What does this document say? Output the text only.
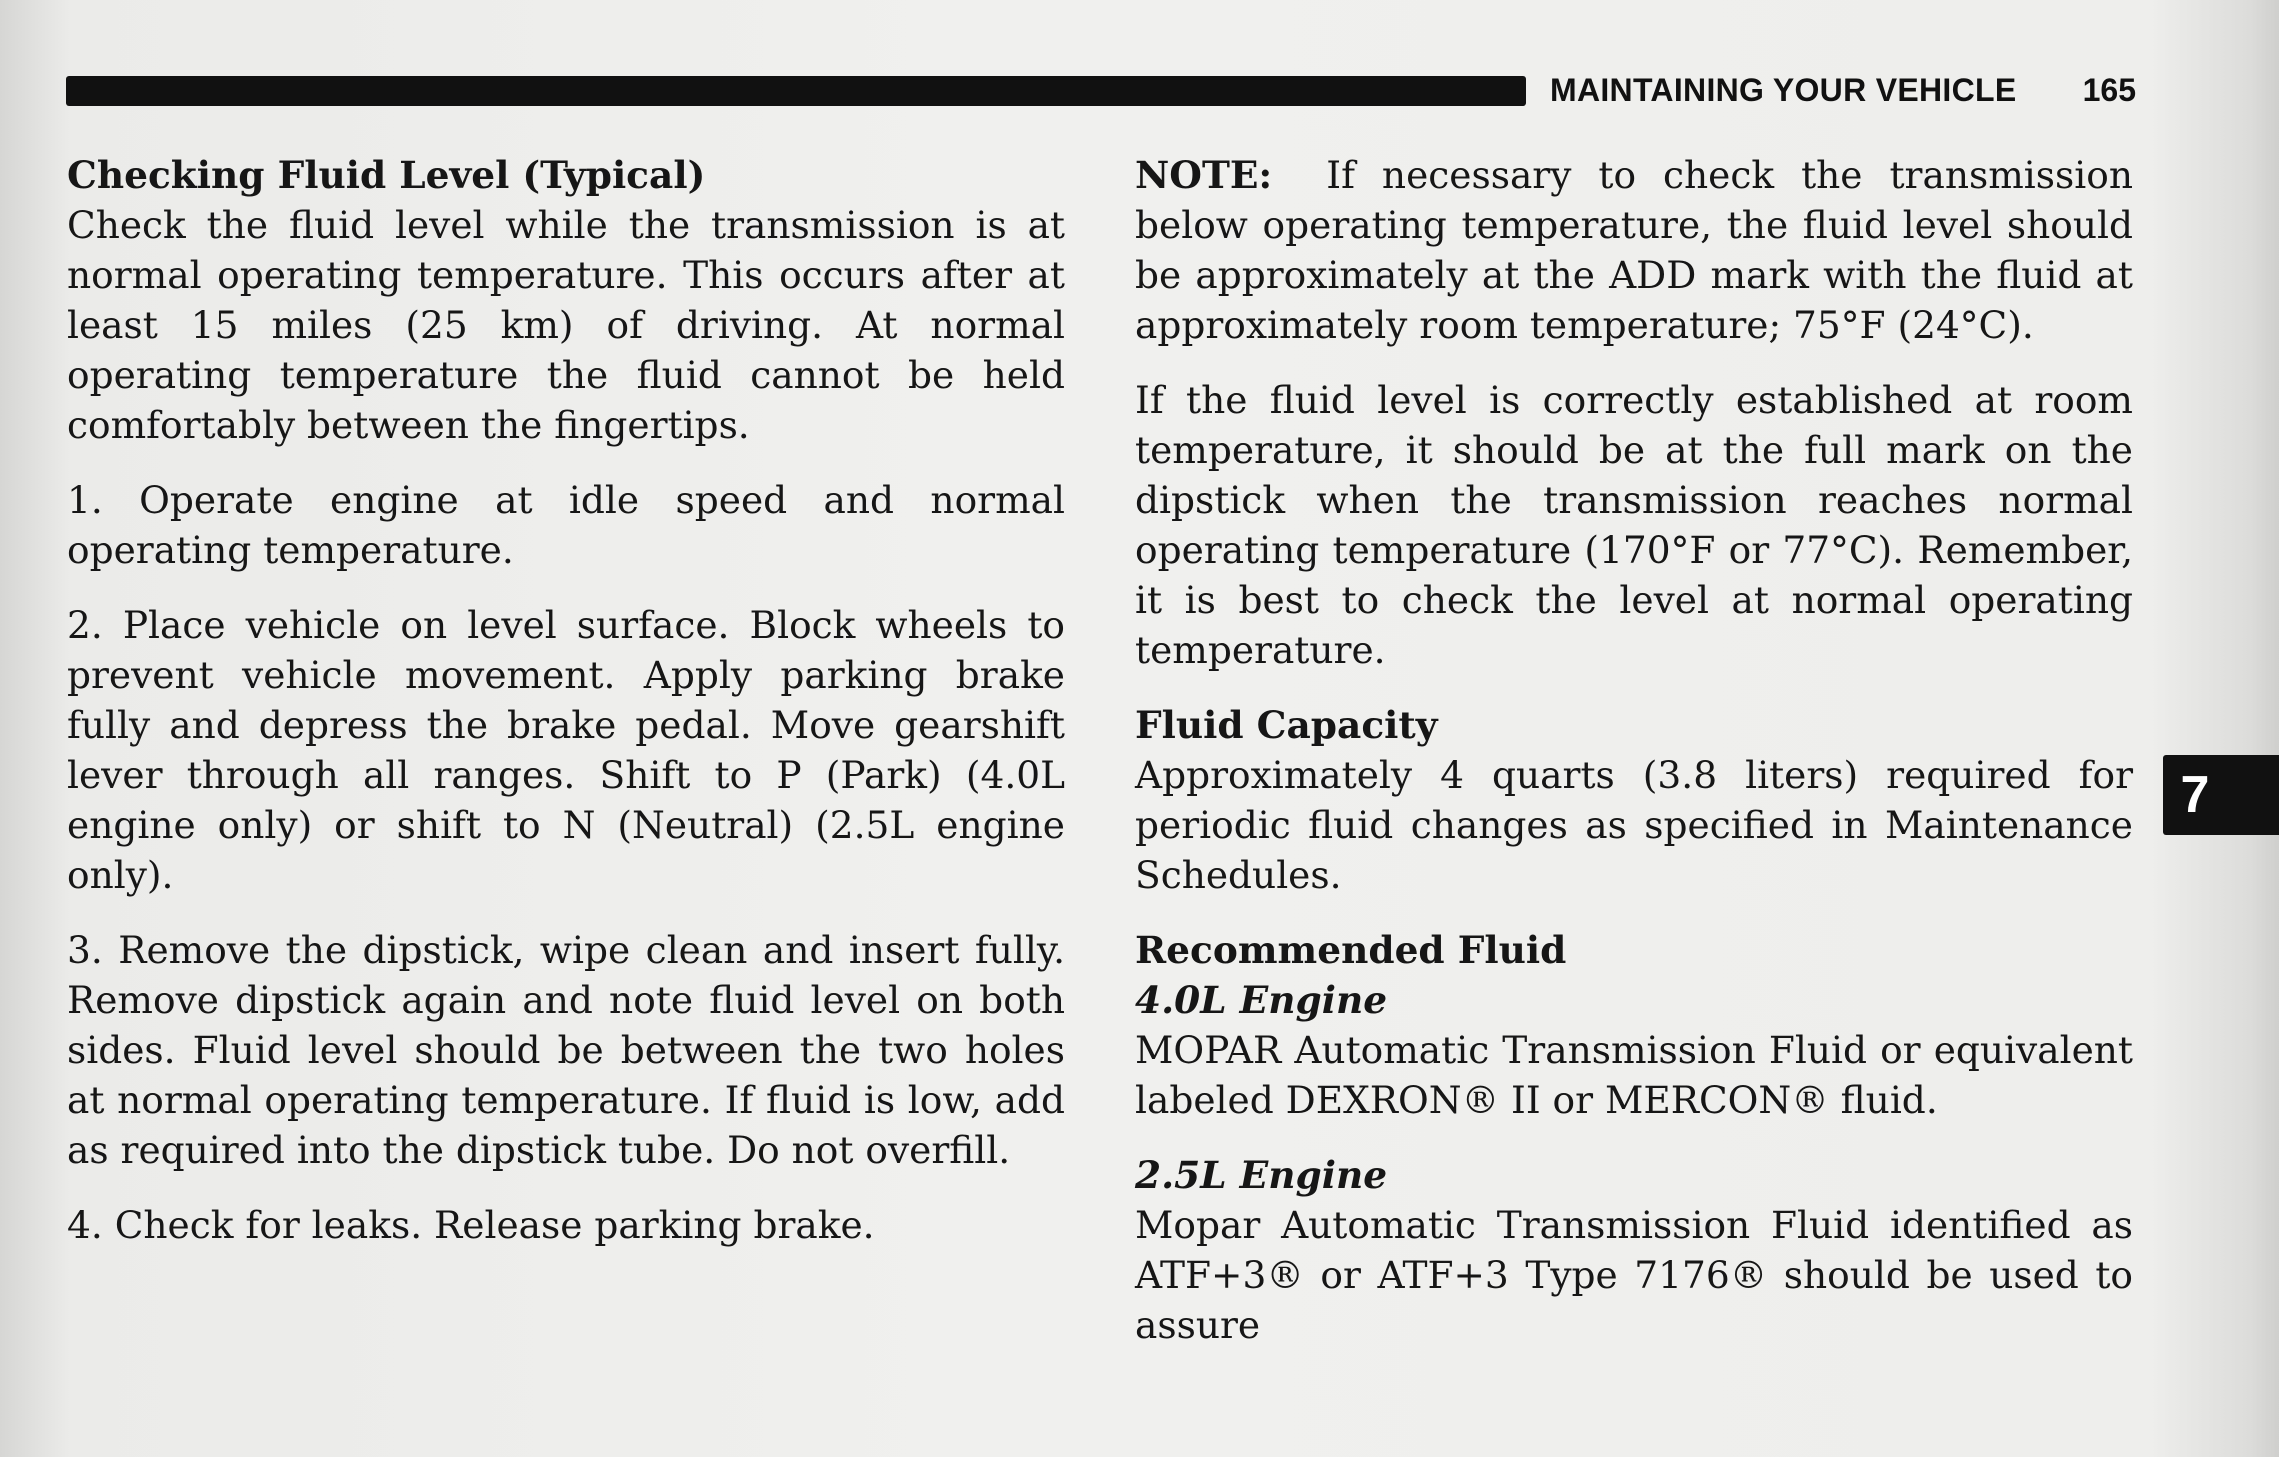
MAINTAINING YOUR VEHICLE 165
Checking Fluid Level (Typical)

Check the fluid level while the transmission is at normal operating temperature. This occurs after at least 15 miles (25 km) of driving. At normal operating temperature the fluid cannot be held comfortably between the fingertips.

1. Operate engine at idle speed and normal operating temperature.

2. Place vehicle on level surface. Block wheels to prevent vehicle movement. Apply parking brake fully and depress the brake pedal. Move gearshift lever through all ranges. Shift to P (Park) (4.0L engine only) or shift to N (Neutral) (2.5L engine only).

3. Remove the dipstick, wipe clean and insert fully. Remove dipstick again and note fluid level on both sides. Fluid level should be between the two holes at normal operating temperature. If fluid is low, add as required into the dipstick tube. Do not overfill.

4. Check for leaks. Release parking brake.

NOTE: If necessary to check the transmission below operating temperature, the fluid level should be approximately at the ADD mark with the fluid at approximately room temperature; 75°F (24°C).

If the fluid level is correctly established at room temperature, it should be at the full mark on the dipstick when the transmission reaches normal operating temperature (170°F or 77°C). Remember, it is best to check the level at normal operating temperature.

Fluid Capacity

Approximately 4 quarts (3.8 liters) required for periodic fluid changes as specified in Maintenance Schedules.

Recommended Fluid
4.0L Engine

MOPAR Automatic Transmission Fluid or equivalent labeled DEXRON® II or MERCON® fluid.

2.5L Engine

Mopar Automatic Transmission Fluid identified as ATF+3® or ATF+3 Type 7176® should be used to assure

7
